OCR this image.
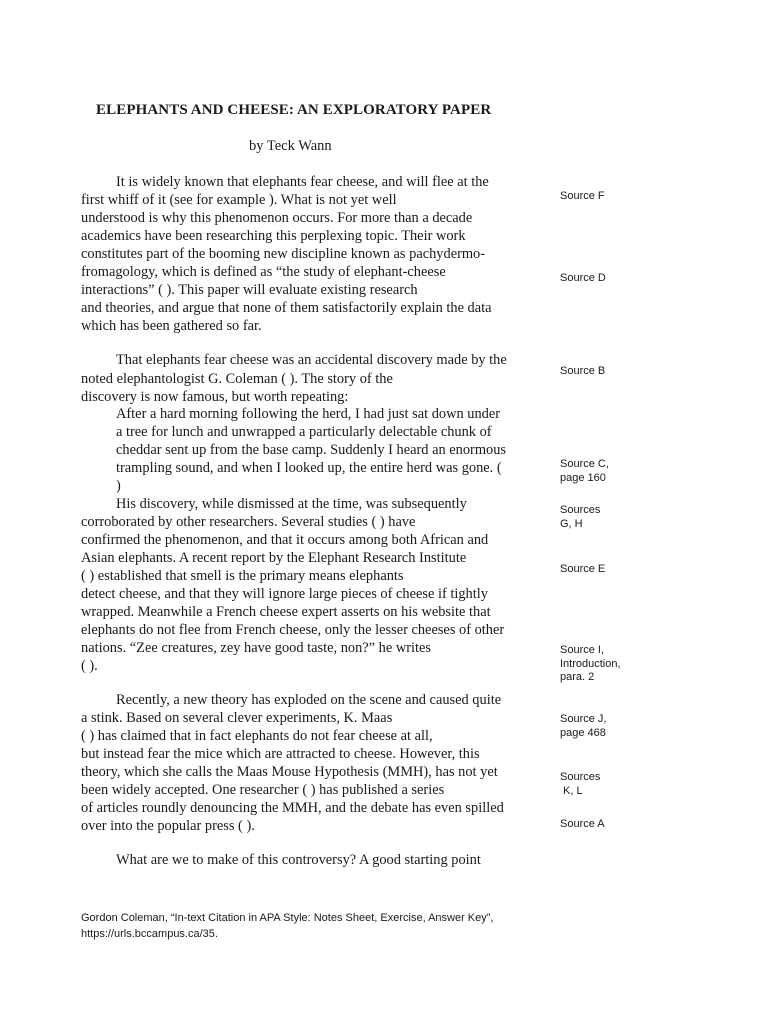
ELEPHANTS AND CHEESE: AN EXPLORATORY PAPER
by Teck Wann
It is widely known that elephants fear cheese, and will flee at the
first whiff of it (see for example ). What is not yet well
understood is why this phenomenon occurs. For more than a decade
academics have been researching this perplexing topic. Their work
constitutes part of the booming new discipline known as pachydermo-
fromagology, which is defined as “the study of elephant-cheese
interactions” ( ). This paper will evaluate existing research
and theories, and argue that none of them satisfactorily explain the data
which has been gathered so far.
That elephants fear cheese was an accidental discovery made by the
noted elephantologist G. Coleman ( ). The story of the
discovery is now famous, but worth repeating:
After a hard morning following the herd, I had just sat down under
a tree for lunch and unwrapped a particularly delectable chunk of
cheddar sent up from the base camp. Suddenly I heard an enormous
trampling sound, and when I looked up, the entire herd was gone. (
)
His discovery, while dismissed at the time, was subsequently
corroborated by other researchers. Several studies ( ) have
confirmed the phenomenon, and that it occurs among both African and
Asian elephants. A recent report by the Elephant Research Institute
( ) established that smell is the primary means elephants
detect cheese, and that they will ignore large pieces of cheese if tightly
wrapped. Meanwhile a French cheese expert asserts on his website that
elephants do not flee from French cheese, only the lesser cheeses of other
nations. “Zee creatures, zey have good taste, non?” he writes
( ).
Recently, a new theory has exploded on the scene and caused quite
a stink. Based on several clever experiments, K. Maas
( ) has claimed that in fact elephants do not fear cheese at all,
but instead fear the mice which are attracted to cheese. However, this
theory, which she calls the Maas Mouse Hypothesis (MMH), has not yet
been widely accepted. One researcher ( ) has published a series
of articles roundly denouncing the MMH, and the debate has even spilled
over into the popular press ( ).
What are we to make of this controversy? A good starting point
Source F
Source D
Source B
Source C,
page 160
Sources
G, H
Source E
Source I,
Introduction,
para. 2
Source J,
page 468
Sources
K, L
Source A
Gordon Coleman, “In-text Citation in APA Style: Notes Sheet, Exercise, Answer Key”,
https://urls.bccampus.ca/35.
